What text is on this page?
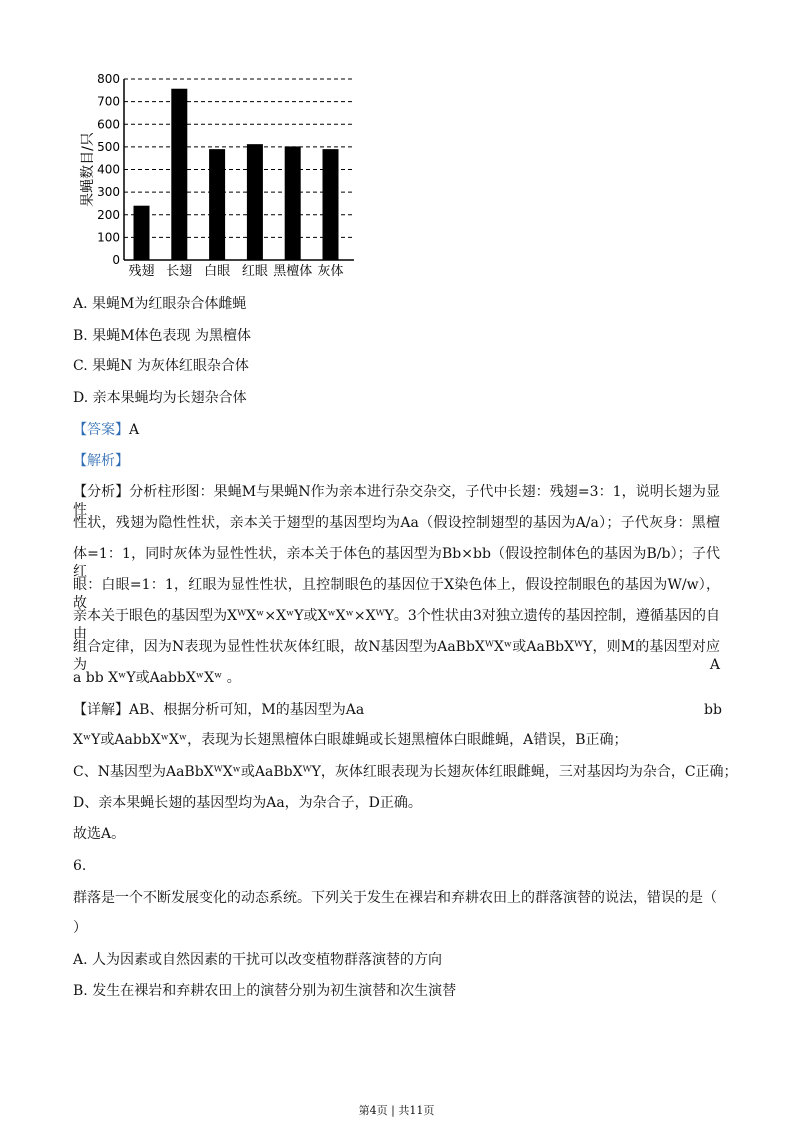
0
100
200
300
400
500
600
700
800
残翅 长翅 白眼 红眼 黑檀体 灰体
果蝇数目/只
A. 果蝇M为红眼杂合体雌蝇
B. 果蝇M体色表现 为黑檀体
C. 果蝇N 为灰体红眼杂合体
D. 亲本果蝇均为长翅杂合体
【答案】A
【解析】
【分析】分析柱形图：果蝇M与果蝇N作为亲本进行杂交杂交，子代中长翅：残翅=3：1，说明长翅为显性
性状，残翅为隐性性状，亲本关于翅型的基因型均为Aa（假设控制翅型的基因为A/a）；子代灰身：黑檀
体=1：1，同时灰体为显性性状，亲本关于体色的基因型为Bb×bb（假设控制体色的基因为B/b）；子代红
眼：白眼=1：1，红眼为显性性状，且控制眼色的基因位于X染色体上，假设控制眼色的基因为W/w），故
亲本关于眼色的基因型为XᵂXʷ×XʷY或XʷXʷ×XᵂY。3个性状由3对独立遗传的基因控制，遵循基因的自由
组合定律，因为N表现为显性性状灰体红眼，故N基因型为AaBbXᵂXʷ或AaBbXᵂY，则M的基因型对应为A
a bb XʷY或AabbXʷXʷ 。
【详解】AB、根据分析可知，M的基因型为Aa	bb
XʷY或AabbXʷXʷ，表现为长翅黑檀体白眼雄蝇或长翅黑檀体白眼雌蝇，A错误，B正确；
C、N基因型为AaBbXᵂXʷ或AaBbXᵂY，灰体红眼表现为长翅灰体红眼雌蝇，三对基因均为杂合，C正确；
D、亲本果蝇长翅的基因型均为Aa，为杂合子，D正确。
故选A。
6.
群落是一个不断发展变化的动态系统。下列关于发生在裸岩和弃耕农田上的群落演替的说法，错误的是（
）
A. 人为因素或自然因素的干扰可以改变植物群落演替的方向
B. 发生在裸岩和弃耕农田上的演替分别为初生演替和次生演替
第4页 | 共11页
